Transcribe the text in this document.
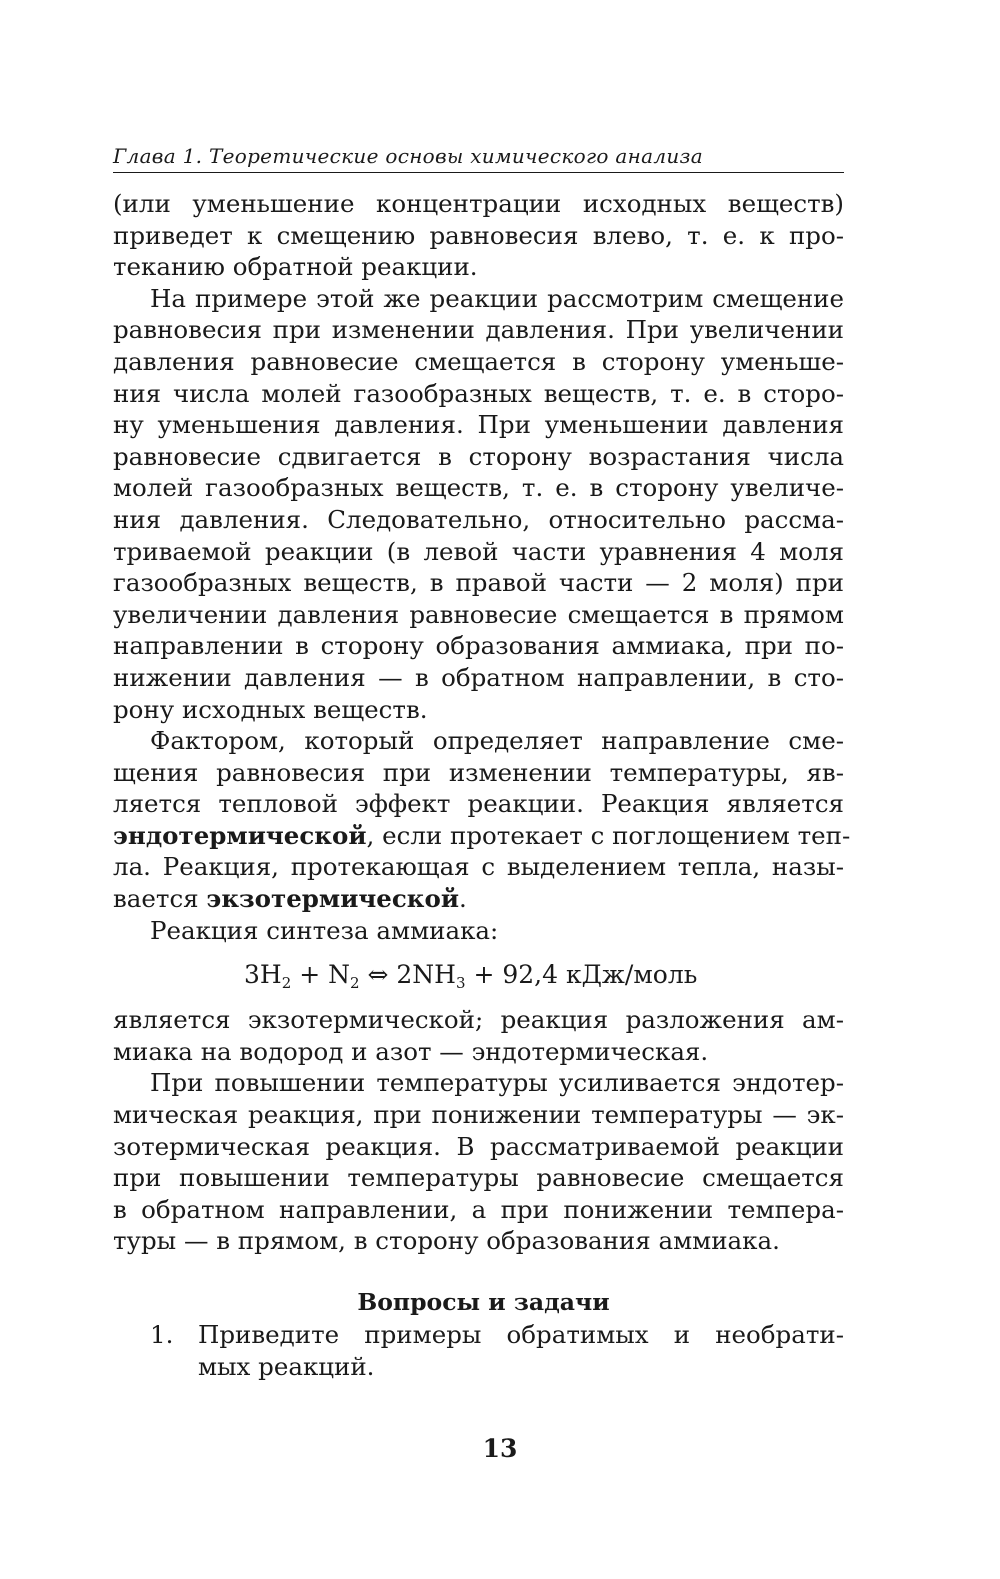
Глава 1. Теоретические основы химического анализа
(или уменьшение концентрации исходных веществ)
приведет к смещению равновесия влево, т. е. к про-
теканию обратной реакции.
На примере этой же реакции рассмотрим смещение
равновесия при изменении давления. При увеличении
давления равновесие смещается в сторону уменьше-
ния числа молей газообразных веществ, т. е. в сторо-
ну уменьшения давления. При уменьшении давления
равновесие сдвигается в сторону возрастания числа
молей газообразных веществ, т. е. в сторону увеличе-
ния давления. Следовательно, относительно рассма-
триваемой реакции (в левой части уравнения 4 моля
газообразных веществ, в правой части — 2 моля) при
увеличении давления равновесие смещается в прямом
направлении в сторону образования аммиака, при по-
нижении давления — в обратном направлении, в сто-
рону исходных веществ.
Фактором, который определяет направление сме-
щения равновесия при изменении температуры, яв-
ляется тепловой эффект реакции. Реакция является
эндотермической, если протекает с поглощением теп-
ла. Реакция, протекающая с выделением тепла, назы-
вается экзотермической.
Реакция синтеза аммиака:
$3H_2 + N_2$ ⇔ $2NH_3 + 92,4$ кДж/моль
является экзотермической; реакция разложения ам-
миака на водород и азот — эндотермическая.
При повышении температуры усиливается эндотер-
мическая реакция, при понижении температуры — эк-
зотермическая реакция. В рассматриваемой реакции
при повышении температуры равновесие смещается
в обратном направлении, а при понижении темпера-
туры — в прямом, в сторону образования аммиака.
Вопросы и задачи
1. Приведите примеры обратимых и необрати-
мых реакций.
13
